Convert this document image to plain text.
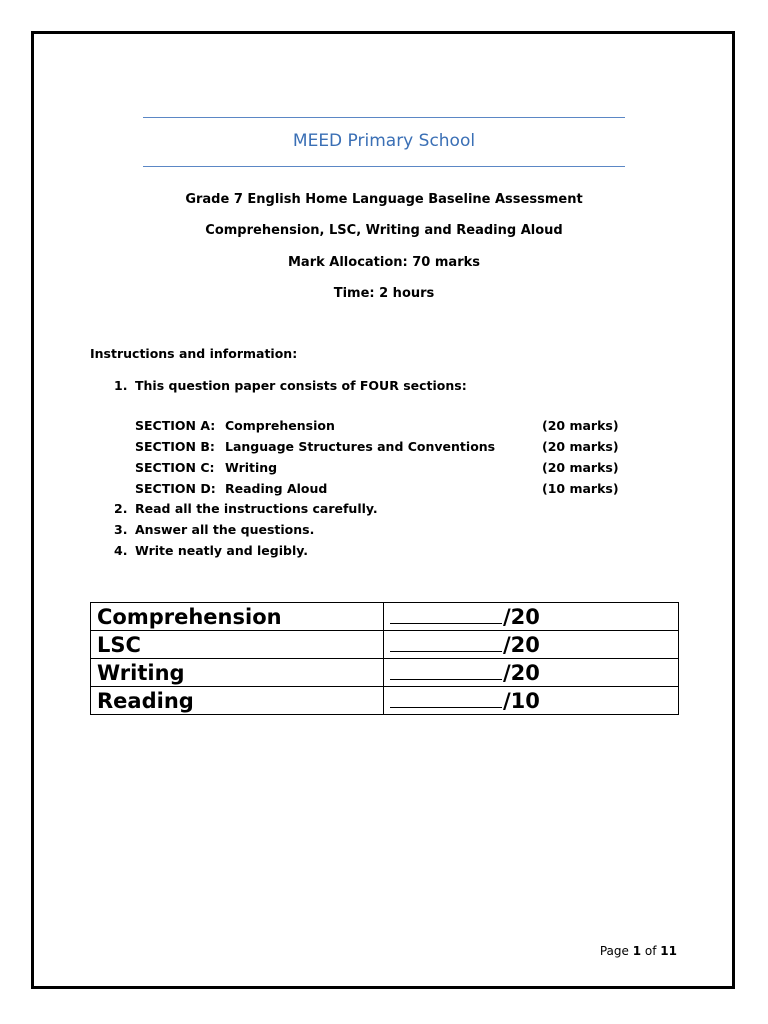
MEED Primary School
Grade 7 English Home Language Baseline Assessment
Comprehension, LSC, Writing and Reading Aloud
Mark Allocation: 70 marks
Time: 2 hours
Instructions and information:
1. This question paper consists of FOUR sections:
SECTION A: Comprehension	(20 marks)
SECTION B: Language Structures and Conventions	(20 marks)
SECTION C: Writing	(20 marks)
SECTION D: Reading Aloud	(10 marks)
2. Read all the instructions carefully.
3. Answer all the questions.
4. Write neatly and legibly.
Comprehension	/20
LSC	/20
Writing	/20
Reading	/10
Page 1 of 11
